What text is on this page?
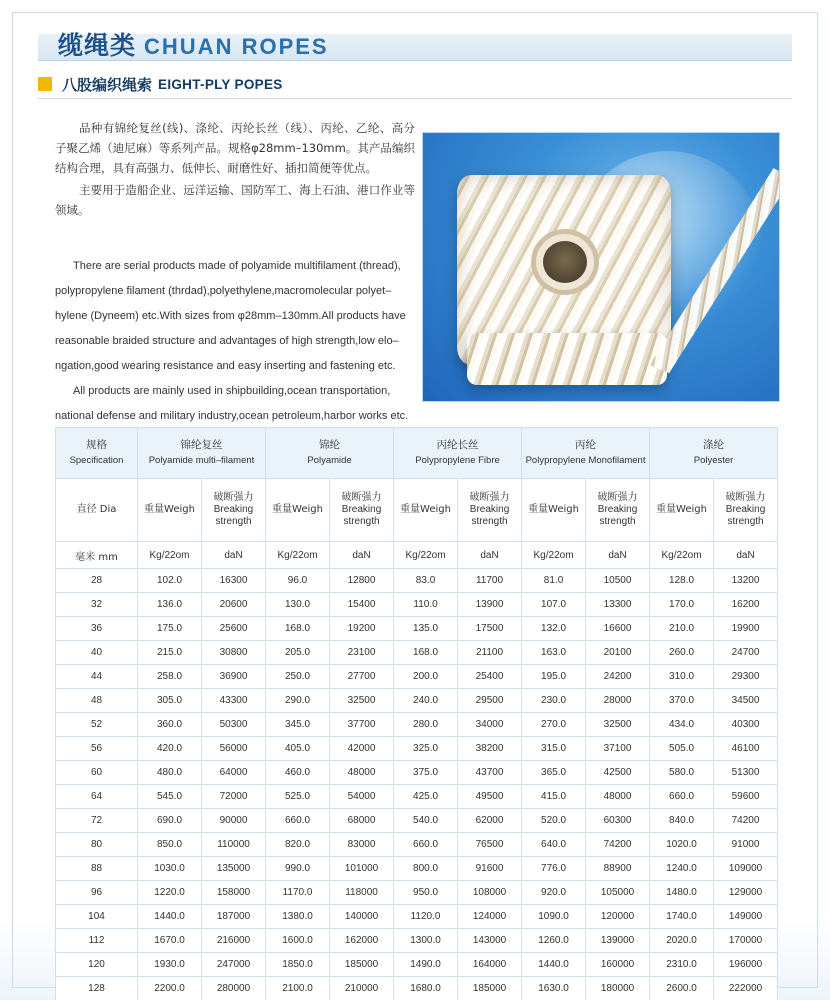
缆绳类 CHUAN ROPES
八股编织绳索 EIGHT-PLY POPES

品种有锦纶复丝(线)、涤纶、丙纶长丝（线）、丙纶、乙纶、高分子聚乙烯（迪尼麻）等系列产品。规格φ28mm–130mm。其产品编织结构合理，具有高强力、低伸长、耐磨性好、插扣简便等优点。

主要用于造船企业、远洋运输、国防军工、海上石油、港口作业等领域。

There are serial products made of polyamide multifilament (thread),

polypropylene filament (thrdad),polyethylene,macromolecular polyet–

hylene (Dyneem) etc.With sizes from φ28mm–130mm.All products have

reasonable braided structure and advantages of high strength,low elo–

ngation,good wearing resistance and easy inserting and fastening etc.

All products are mainly used in shipbuilding,ocean transportation,

national defense and military industry,ocean petroleum,harbor works etc.

规格
Specification	锦纶复丝
Polyamide multi–filament		锦纶
Polyamide		丙纶长丝
Polypropylene Fibre		丙纶
Polypropylene Monofilament		涤纶
Polyester	

直径 Dia	重量Weigh	破断强力
Breaking
strength	重量Weigh	破断强力
Breaking
strength	重量Weigh	破断强力
Breaking
strength	重量Weigh	破断强力
Breaking
strength	重量Weigh	破断强力
Breaking
strength

毫米 mm	Kg/22om	daN	Kg/22om	daN	Kg/22om	daN	Kg/22om	daN	Kg/22om	daN
28	102.0	16300	96.0	12800	83.0	11700	81.0	10500	128.0	13200
32	136.0	20600	130.0	15400	110.0	13900	107.0	13300	170.0	16200
36	175.0	25600	168.0	19200	135.0	17500	132.0	16600	210.0	19900
40	215.0	30800	205.0	23100	168.0	21100	163.0	20100	260.0	24700
44	258.0	36900	250.0	27700	200.0	25400	195.0	24200	310.0	29300
48	305.0	43300	290.0	32500	240.0	29500	230.0	28000	370.0	34500
52	360.0	50300	345.0	37700	280.0	34000	270.0	32500	434.0	40300
56	420.0	56000	405.0	42000	325.0	38200	315.0	37100	505.0	46100
60	480.0	64000	460.0	48000	375.0	43700	365.0	42500	580.0	51300
64	545.0	72000	525.0	54000	425.0	49500	415.0	48000	660.0	59600
72	690.0	90000	660.0	68000	540.0	62000	520.0	60300	840.0	74200
80	850.0	110000	820.0	83000	660.0	76500	640.0	74200	1020.0	91000
88	1030.0	135000	990.0	101000	800.0	91600	776.0	88900	1240.0	109000
96	1220.0	158000	1170.0	118000	950.0	108000	920.0	105000	1480.0	129000
104	1440.0	187000	1380.0	140000	1120.0	124000	1090.0	120000	1740.0	149000
112	1670.0	216000	1600.0	162000	1300.0	143000	1260.0	139000	2020.0	170000
120	1930.0	247000	1850.0	185000	1490.0	164000	1440.0	160000	2310.0	196000
128	2200.0	280000	2100.0	210000	1680.0	185000	1630.0	180000	2600.0	222000
